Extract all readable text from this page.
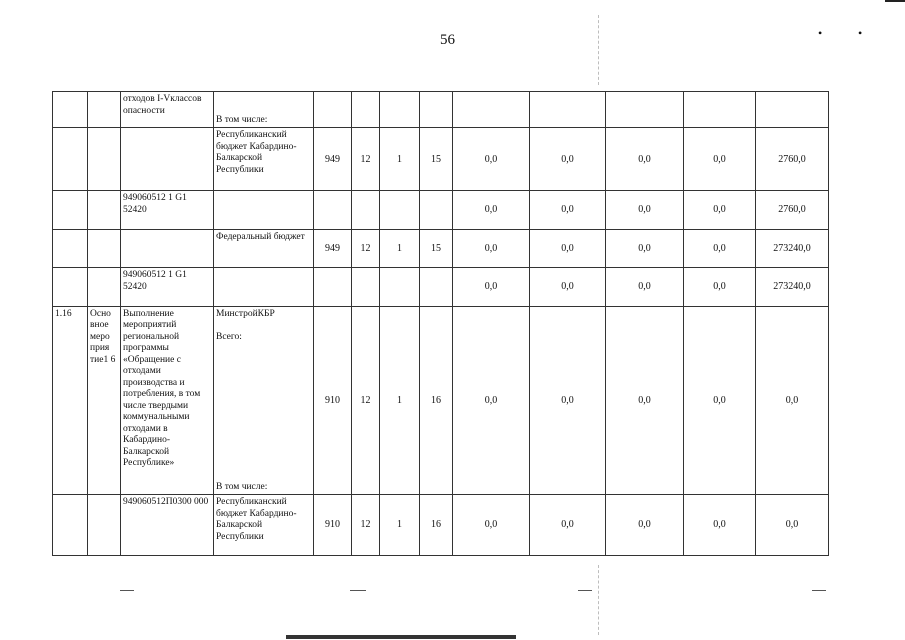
56	•	•
		отходов I-Vклассов опасности	В том числе:									

			Республиканский бюджет Кабардино-Балкарской Республики	949	12	1	15	0,0	0,0	0,0	0,0	2760,0
		949060512 1 G1 52420						0,0	0,0	0,0	0,0	2760,0

			Федеральный бюджет	949	12	1	15	0,0	0,0	0,0	0,0	273240,0
		949060512 1 G1 52420						0,0	0,0	0,0	0,0	273240,0
1.16	Осно вное меро прия тие1 6	Выполнение мероприятий региональной программы «Обращение с отходами производства и потребления, в том числе твердыми коммунальными отходами в Кабардино-Балкарской Республике»	МинстройКБР

Всего:
В том числе:	910	12	1	16	0,0	0,0	0,0	0,0	0,0
		949060512П0300 000	Республиканский бюджет Кабардино-Балкарской Республики	910	12	1	16	0,0	0,0	0,0	0,0	0,0
